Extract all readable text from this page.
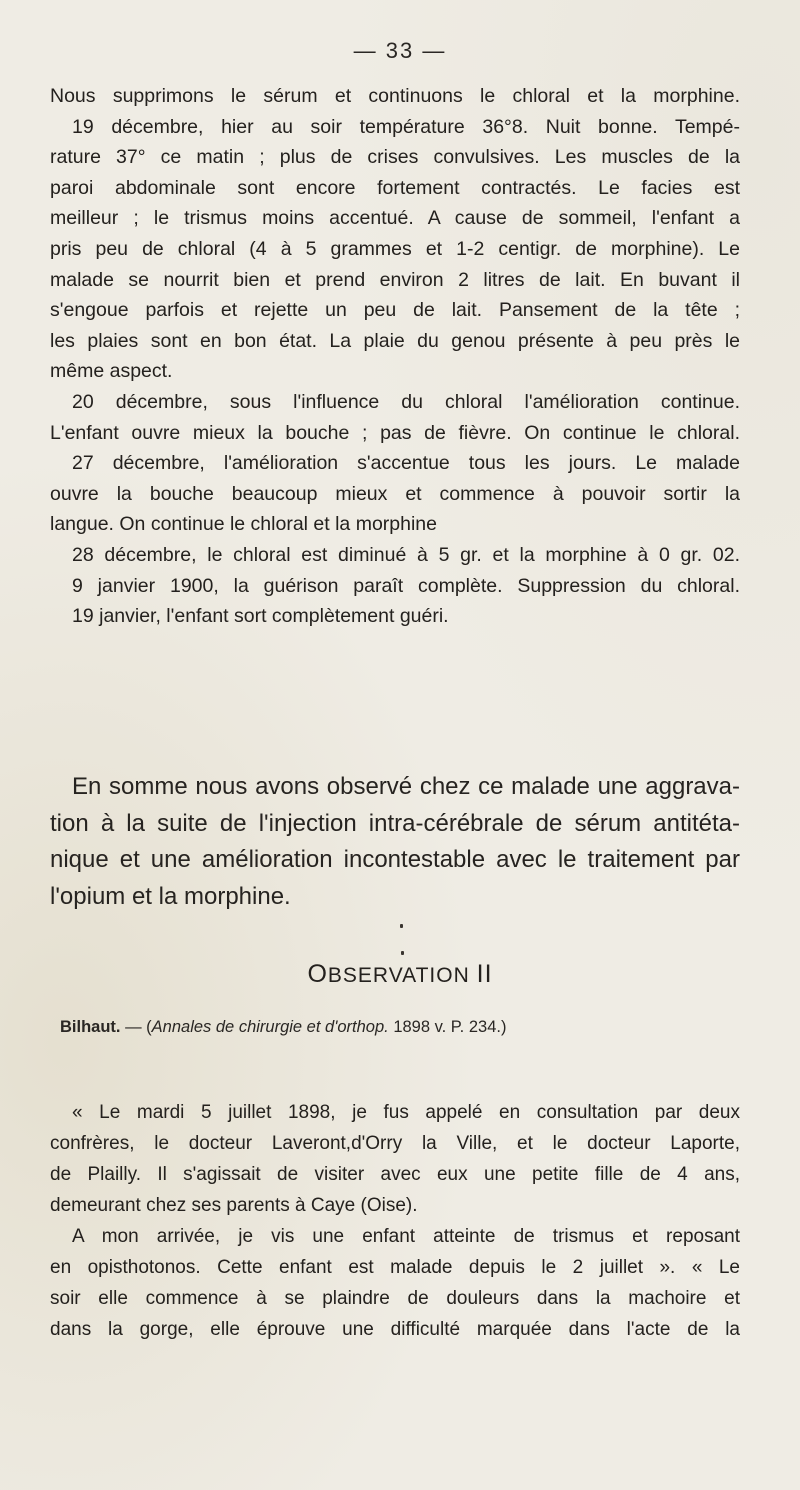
— 33 —
Nous supprimons le sérum et continuons le chloral et la morphine.
19 décembre, hier au soir température 36°8. Nuit bonne. Tempé-
rature 37° ce matin ; plus de crises convulsives. Les muscles de la
paroi abdominale sont encore fortement contractés. Le facies est
meilleur ; le trismus moins accentué. A cause de sommeil, l'enfant a
pris peu de chloral (4 à 5 grammes et 1-2 centigr. de morphine). Le
malade se nourrit bien et prend environ 2 litres de lait. En buvant il
s'engoue parfois et rejette un peu de lait. Pansement de la tête ;
les plaies sont en bon état. La plaie du genou présente à peu près le
même aspect.
20 décembre, sous l'influence du chloral l'amélioration continue.
L'enfant ouvre mieux la bouche ; pas de fièvre. On continue le chloral.
27 décembre, l'amélioration s'accentue tous les jours. Le malade
ouvre la bouche beaucoup mieux et commence à pouvoir sortir la
langue. On continue le chloral et la morphine
28 décembre, le chloral est diminué à 5 gr. et la morphine à 0 gr. 02.
9 janvier 1900, la guérison paraît complète. Suppression du chloral.
19 janvier, l'enfant sort complètement guéri.
En somme nous avons observé chez ce malade une aggrava-
tion à la suite de l'injection intra-cérébrale de sérum antitéta-
nique et une amélioration incontestable avec le traitement par
l'opium et la morphine.
OBSERVATION II
Bilhaut. — (Annales de chirurgie et d'orthop. 1898 v. P. 234.)
« Le mardi 5 juillet 1898, je fus appelé en consultation par deux
confrères, le docteur Laveront,d'Orry la Ville, et le docteur Laporte,
de Plailly. Il s'agissait de visiter avec eux une petite fille de 4 ans,
demeurant chez ses parents à Caye (Oise).
A mon arrivée, je vis une enfant atteinte de trismus et reposant
en opisthotonos. Cette enfant est malade depuis le 2 juillet ». « Le
soir elle commence à se plaindre de douleurs dans la machoire et
dans la gorge, elle éprouve une difficulté marquée dans l'acte de la
